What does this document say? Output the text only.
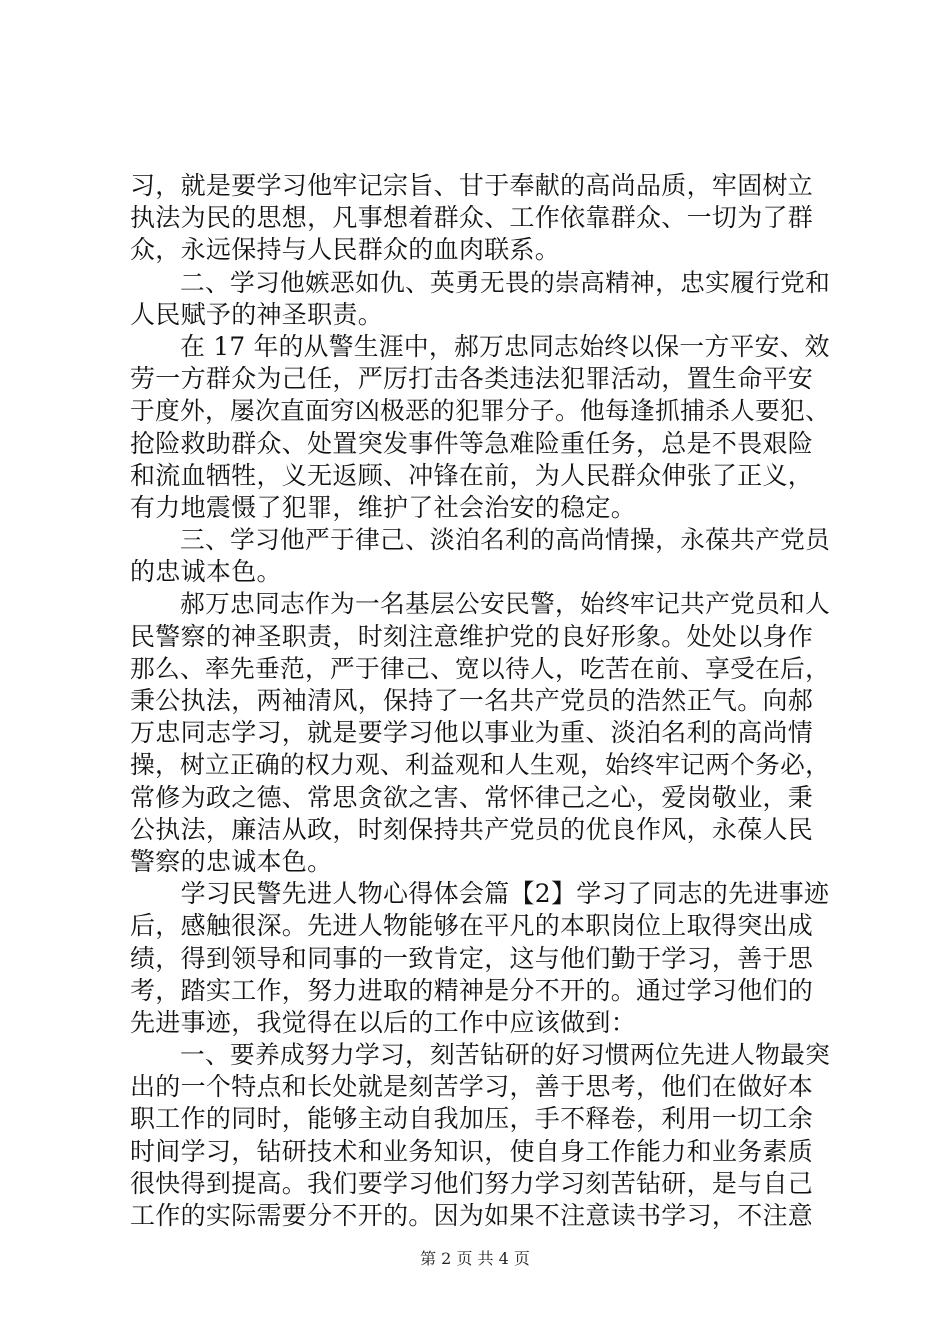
习，就是要学习他牢记宗旨、甘于奉献的高尚品质，牢固树立
执法为民的思想，凡事想着群众、工作依靠群众、一切为了群
众，永远保持与人民群众的血肉联系。
　　二、学习他嫉恶如仇、英勇无畏的崇高精神，忠实履行党和
人民赋予的神圣职责。
　　在 17 年的从警生涯中，郝万忠同志始终以保一方平安、效
劳一方群众为己任，严厉打击各类违法犯罪活动，置生命平安
于度外，屡次直面穷凶极恶的犯罪分子。他每逢抓捕杀人要犯、
抢险救助群众、处置突发事件等急难险重任务，总是不畏艰险
和流血牺牲，义无返顾、冲锋在前，为人民群众伸张了正义，
有力地震慑了犯罪，维护了社会治安的稳定。
　　三、学习他严于律己、淡泊名利的高尚情操，永葆共产党员
的忠诚本色。
　　郝万忠同志作为一名基层公安民警，始终牢记共产党员和人
民警察的神圣职责，时刻注意维护党的良好形象。处处以身作
那么、率先垂范，严于律己、宽以待人，吃苦在前、享受在后，
秉公执法，两袖清风，保持了一名共产党员的浩然正气。向郝
万忠同志学习，就是要学习他以事业为重、淡泊名利的高尚情
操，树立正确的权力观、利益观和人生观，始终牢记两个务必，
常修为政之德、常思贪欲之害、常怀律己之心，爱岗敬业，秉
公执法，廉洁从政，时刻保持共产党员的优良作风，永葆人民
警察的忠诚本色。
　　学习民警先进人物心得体会篇【2】学习了同志的先进事迹
后，感触很深。先进人物能够在平凡的本职岗位上取得突出成
绩，得到领导和同事的一致肯定，这与他们勤于学习，善于思
考，踏实工作，努力进取的精神是分不开的。通过学习他们的
先进事迹，我觉得在以后的工作中应该做到：
　　一、要养成努力学习，刻苦钻研的好习惯两位先进人物最突
出的一个特点和长处就是刻苦学习，善于思考，他们在做好本
职工作的同时，能够主动自我加压，手不释卷，利用一切工余
时间学习，钻研技术和业务知识，使自身工作能力和业务素质
很快得到提高。我们要学习他们努力学习刻苦钻研，是与自己
工作的实际需要分不开的。因为如果不注意读书学习，不注意
第 2 页 共 4 页
